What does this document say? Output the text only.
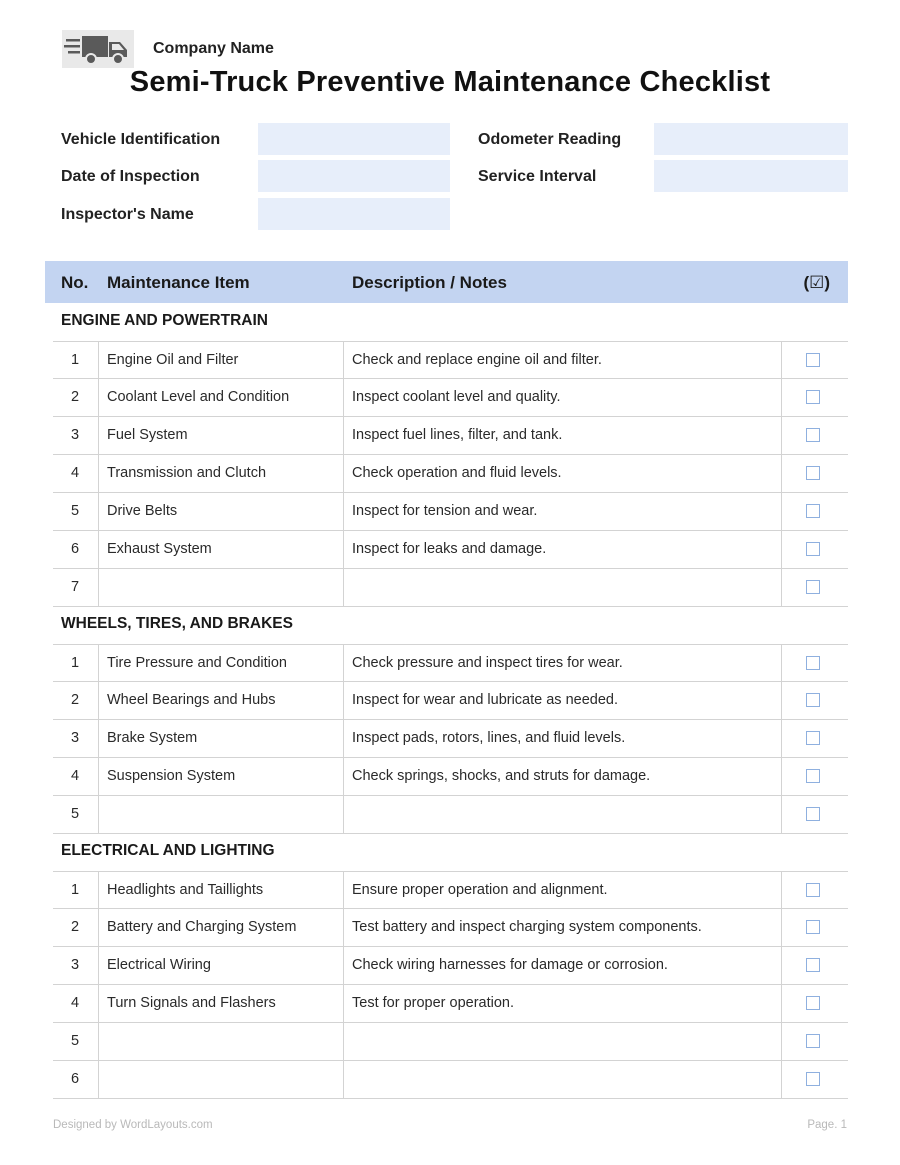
Company Name
Semi-Truck Preventive Maintenance Checklist
Vehicle Identification	Odometer Reading
Date of Inspection	Service Interval
Inspector's Name
No. Maintenance Item	Description / Notes	(☑)
ENGINE AND POWERTRAIN
1	Engine Oil and Filter	Check and replace engine oil and filter.
2	Coolant Level and Condition	Inspect coolant level and quality.
3	Fuel System	Inspect fuel lines, filter, and tank.
4	Transmission and Clutch	Check operation and fluid levels.
5	Drive Belts	Inspect for tension and wear.
6	Exhaust System	Inspect for leaks and damage.
7
WHEELS, TIRES, AND BRAKES
1	Tire Pressure and Condition	Check pressure and inspect tires for wear.
2	Wheel Bearings and Hubs	Inspect for wear and lubricate as needed.
3	Brake System	Inspect pads, rotors, lines, and fluid levels.
4	Suspension System	Check springs, shocks, and struts for damage.
5
ELECTRICAL AND LIGHTING
1	Headlights and Taillights	Ensure proper operation and alignment.
2	Battery and Charging System	Test battery and inspect charging system components.
3	Electrical Wiring	Check wiring harnesses for damage or corrosion.
4	Turn Signals and Flashers	Test for proper operation.
5
6
Designed by WordLayouts.com	Page. 1
